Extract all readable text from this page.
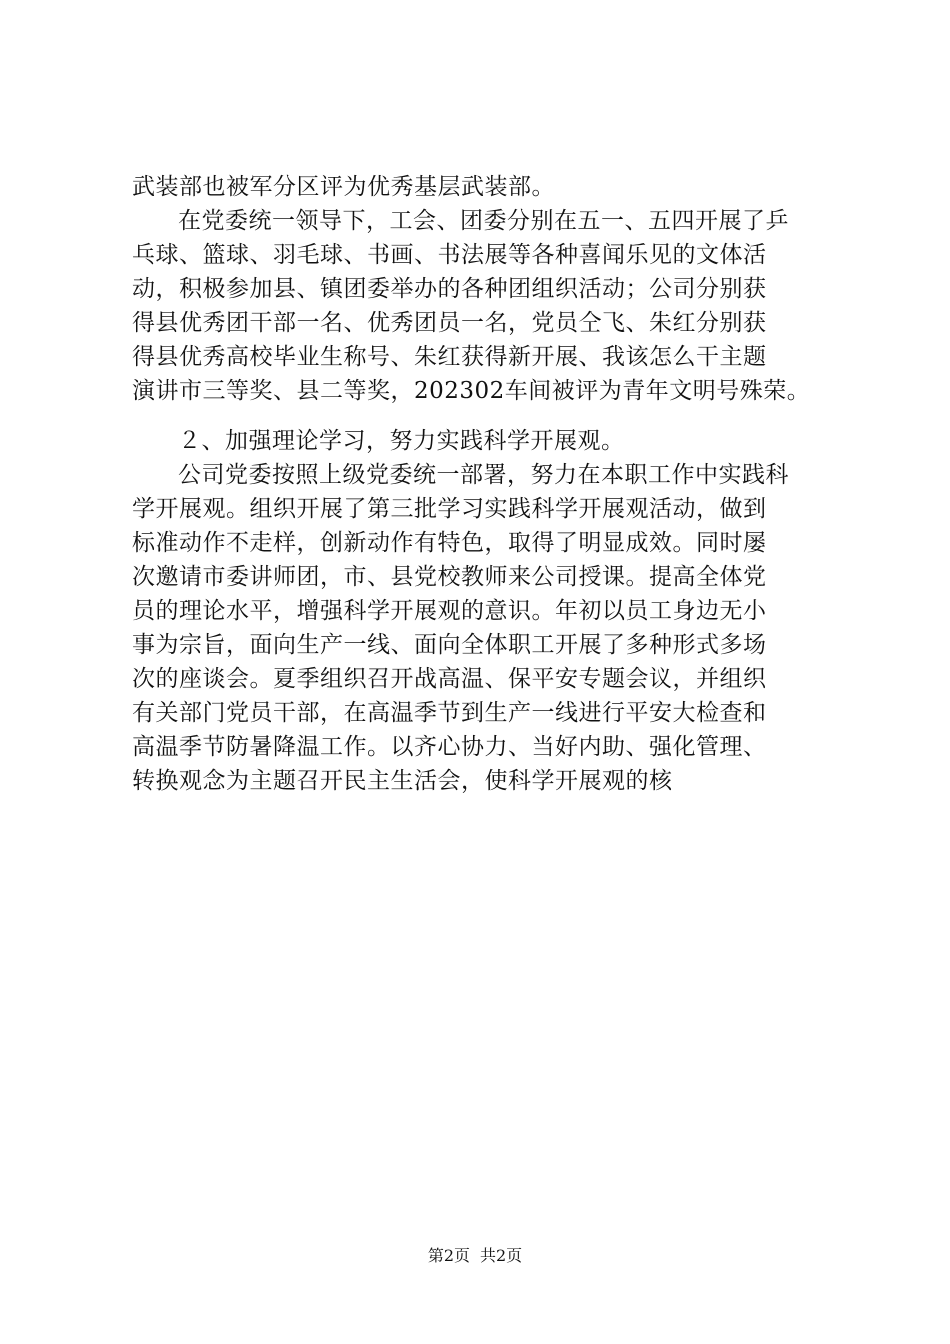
武装部也被军分区评为优秀基层武装部。
在党委统一领导下，工会、团委分别在五一、五四开展了乒
乓球、篮球、羽毛球、书画、书法展等各种喜闻乐见的文体活
动，积极参加县、镇团委举办的各种团组织活动；公司分别获
得县优秀团干部一名、优秀团员一名，党员仝飞、朱红分别获
得县优秀高校毕业生称号、朱红获得新开展、我该怎么干主题
演讲市三等奖、县二等奖，202302车间被评为青年文明号殊荣。
２、加强理论学习，努力实践科学开展观。
公司党委按照上级党委统一部署，努力在本职工作中实践科
学开展观。组织开展了第三批学习实践科学开展观活动，做到
标准动作不走样，创新动作有特色，取得了明显成效。同时屡
次邀请市委讲师团，市、县党校教师来公司授课。提高全体党
员的理论水平，增强科学开展观的意识。年初以员工身边无小
事为宗旨，面向生产一线、面向全体职工开展了多种形式多场
次的座谈会。夏季组织召开战高温、保平安专题会议，并组织
有关部门党员干部，在高温季节到生产一线进行平安大检查和
高温季节防暑降温工作。以齐心协力、当好内助、强化管理、
转换观念为主题召开民主生活会，使科学开展观的核
第2页 共2页
